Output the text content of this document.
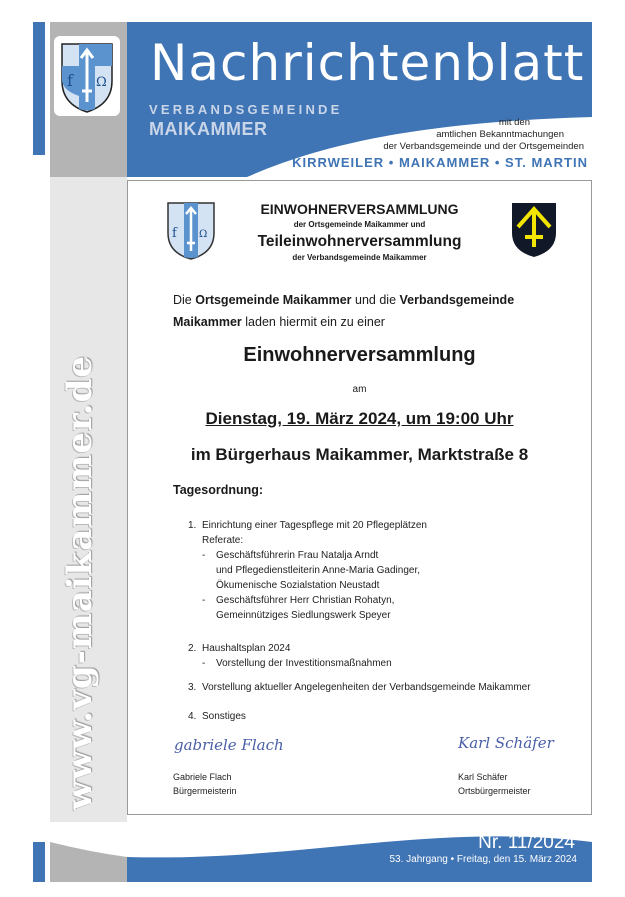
f Ω Nachrichtenblatt
VERBANDSGEMEINDE
MAIKAMMER	mit den
amtlichen Bekanntmachungen
der Verbandsgemeinde und der Ortsgemeinden
KIRRWEILER • MAIKAMMER • ST. MARTIN
www.vg-maikammer.de
f Ω
EINWOHNERVERSAMMLUNG
der Ortsgemeinde Maikammer und
Teileinwohnerversammlung
der Verbandsgemeinde Maikammer
Die Ortsgemeinde Maikammer und die Verbandsgemeinde
Maikammer laden hiermit ein zu einer
Einwohnerversammlung
am
Dienstag, 19. März 2024, um 19:00 Uhr
im Bürgerhaus Maikammer, Marktstraße 8
Tagesordnung:
1. Einrichtung einer Tagespflege mit 20 Pflegeplätzen
Referate:
- Geschäftsführerin Frau Natalja Arndt
und Pflegedienstleiterin Anne-Maria Gadinger,
Ökumenische Sozialstation Neustadt
- Geschäftsführer Herr Christian Rohatyn,
Gemeinnütziges Siedlungswerk Speyer
2. Haushaltsplan 2024
- Vorstellung der Investitionsmaßnahmen
3. Vorstellung aktueller Angelegenheiten der Verbandsgemeinde Maikammer
4. Sonstiges
gabriele Flach	Karl Schäfer
Gabriele Flach
Bürgermeisterin
Karl Schäfer
Ortsbürgermeister
Nr. 11/2024
53. Jahrgang • Freitag, den 15. März 2024
